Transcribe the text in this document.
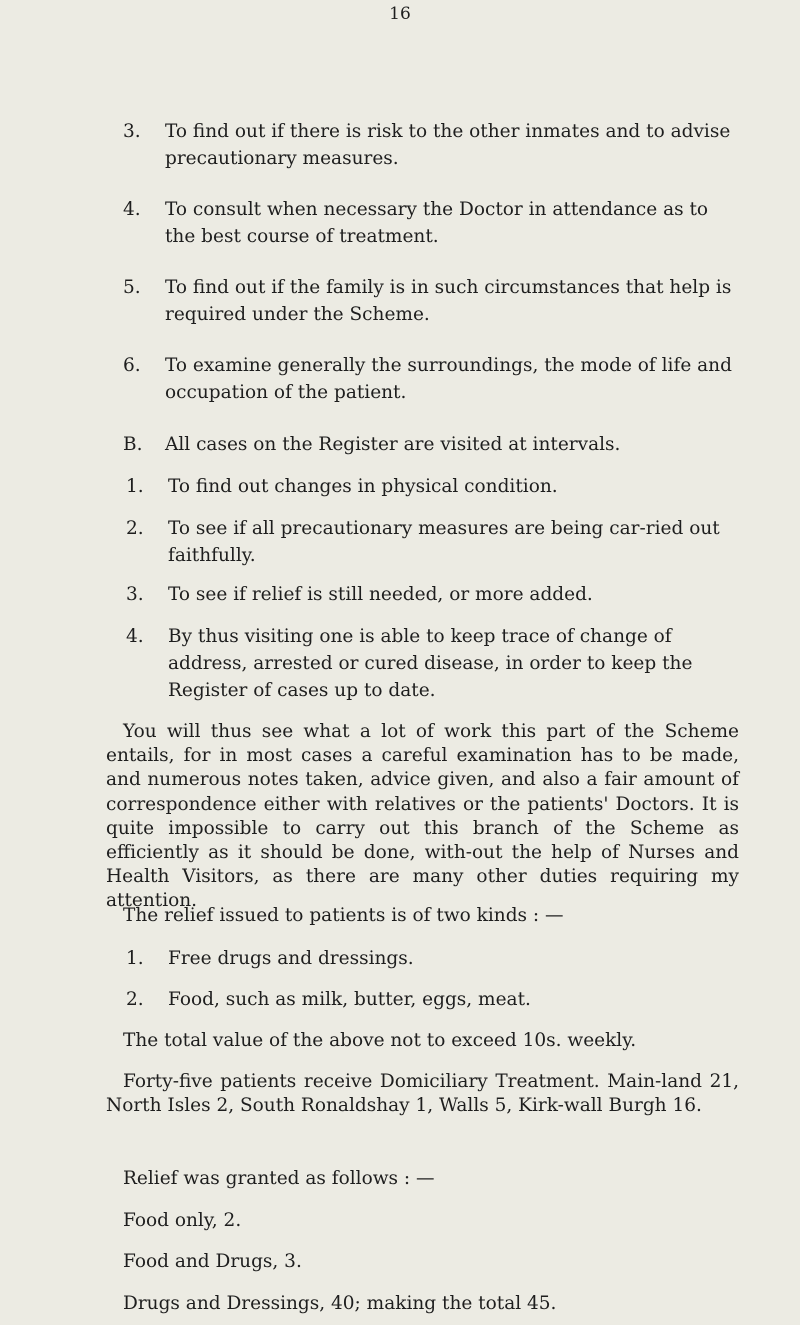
16
3.	To find out if there is risk to the other inmates and to advise precautionary measures.
4.	To consult when necessary the Doctor in attendance as to the best course of treatment.
5.	To find out if the family is in such circumstances that help is required under the Scheme.
6.	To examine generally the surroundings, the mode of life and occupation of the patient.
B.	All cases on the Register are visited at intervals.
1.	To find out changes in physical condition.
2.	To see if all precautionary measures are being car-ried out faithfully.
3.	To see if relief is still needed, or more added.
4.	By thus visiting one is able to keep trace of change of address, arrested or cured disease, in order to keep the Register of cases up to date.
You will thus see what a lot of work this part of the Scheme entails, for in most cases a careful examination has to be made, and numerous notes taken, advice given, and also a fair amount of correspondence either with relatives or the patients' Doctors. It is quite impossible to carry out this branch of the Scheme as efficiently as it should be done, with-out the help of Nurses and Health Visitors, as there are many other duties requiring my attention.
The relief issued to patients is of two kinds : —
1.	Free drugs and dressings.
2.	Food, such as milk, butter, eggs, meat.
The total value of the above not to exceed 10s. weekly.
Forty-five patients receive Domiciliary Treatment. Main-land 21, North Isles 2, South Ronaldshay 1, Walls 5, Kirk-wall Burgh 16.
Relief was granted as follows : —
Food only, 2.
Food and Drugs, 3.
Drugs and Dressings, 40; making the total 45.
